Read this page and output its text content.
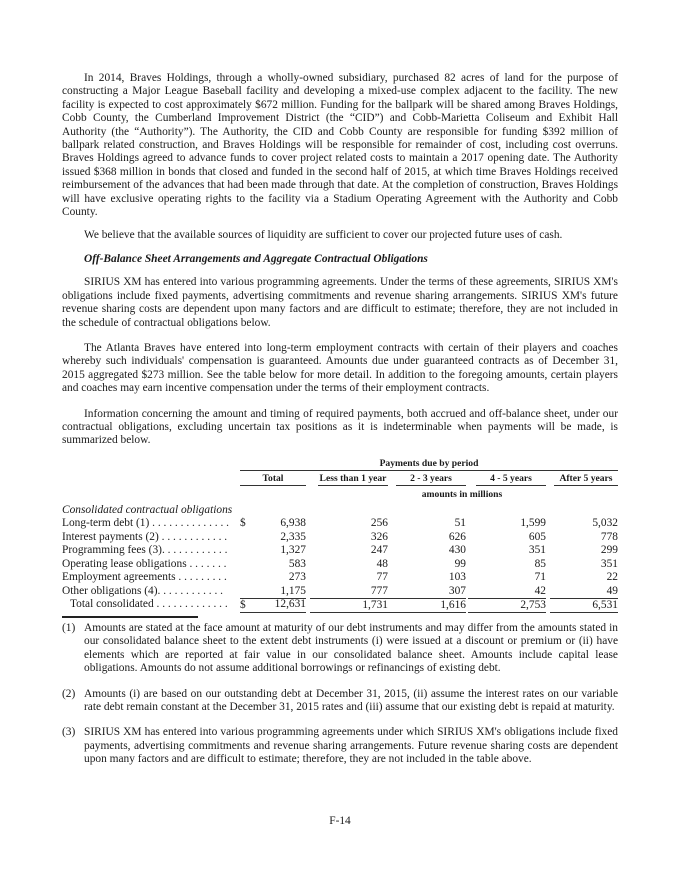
In 2014, Braves Holdings, through a wholly-owned subsidiary, purchased 82 acres of land for the purpose of constructing a Major League Baseball facility and developing a mixed-use complex adjacent to the facility. The new facility is expected to cost approximately $672 million. Funding for the ballpark will be shared among Braves Holdings, Cobb County, the Cumberland Improvement District (the “CID”) and Cobb-Marietta Coliseum and Exhibit Hall Authority (the “Authority”). The Authority, the CID and Cobb County are responsible for funding $392 million of ballpark related construction, and Braves Holdings will be responsible for remainder of cost, including cost overruns. Braves Holdings agreed to advance funds to cover project related costs to maintain a 2017 opening date. The Authority issued $368 million in bonds that closed and funded in the second half of 2015, at which time Braves Holdings received reimbursement of the advances that had been made through that date. At the completion of construction, Braves Holdings will have exclusive operating rights to the facility via a Stadium Operating Agreement with the Authority and Cobb County.

We believe that the available sources of liquidity are sufficient to cover our projected future uses of cash.

Off-Balance Sheet Arrangements and Aggregate Contractual Obligations

SIRIUS XM has entered into various programming agreements. Under the terms of these agreements, SIRIUS XM's obligations include fixed payments, advertising commitments and revenue sharing arrangements. SIRIUS XM's future revenue sharing costs are dependent upon many factors and are difficult to estimate; therefore, they are not included in the schedule of contractual obligations below.

The Atlanta Braves have entered into long-term employment contracts with certain of their players and coaches whereby such individuals' compensation is guaranteed. Amounts due under guaranteed contracts as of December 31, 2015 aggregated $273 million. See the table below for more detail. In addition to the foregoing amounts, certain players and coaches may earn incentive compensation under the terms of their employment contracts.

Information concerning the amount and timing of required payments, both accrued and off-balance sheet, under our contractual obligations, excluding uncertain tax positions as it is indeterminable when payments will be made, is summarized below.

Payments due by period
Total	Less than 1 year	2 - 3 years	4 - 5 years	After 5 years
amounts in millions
Consolidated contractual obligations
Long-term debt (1) . . . . . . . . . . . . . . $	6,938	256	51	1,599	5,032
Interest payments (2) . . . . . . . . . . . .	2,335	326	626	605	778
Programming fees (3). . . . . . . . . . . .	1,327	247	430	351	299
Operating lease obligations . . . . . . .	583	48	99	85	351
Employment agreements . . . . . . . . .	273	77	103	71	22
Other obligations (4). . . . . . . . . . . .	1,175	777	307	42	49
Total consolidated . . . . . . . . . . . . . $	12,631	1,731	1,616	2,753	6,531
(1) Amounts are stated at the face amount at maturity of our debt instruments and may differ from the amounts stated in our consolidated balance sheet to the extent debt instruments (i) were issued at a discount or premium or (ii) have elements which are reported at fair value in our consolidated balance sheet. Amounts include capital lease obligations. Amounts do not assume additional borrowings or refinancings of existing debt.
(2) Amounts (i) are based on our outstanding debt at December 31, 2015, (ii) assume the interest rates on our variable rate debt remain constant at the December 31, 2015 rates and (iii) assume that our existing debt is repaid at maturity.
(3) SIRIUS XM has entered into various programming agreements under which SIRIUS XM's obligations include fixed payments, advertising commitments and revenue sharing arrangements. Future revenue sharing costs are dependent upon many factors and are difficult to estimate; therefore, they are not included in the table above.
F-14
